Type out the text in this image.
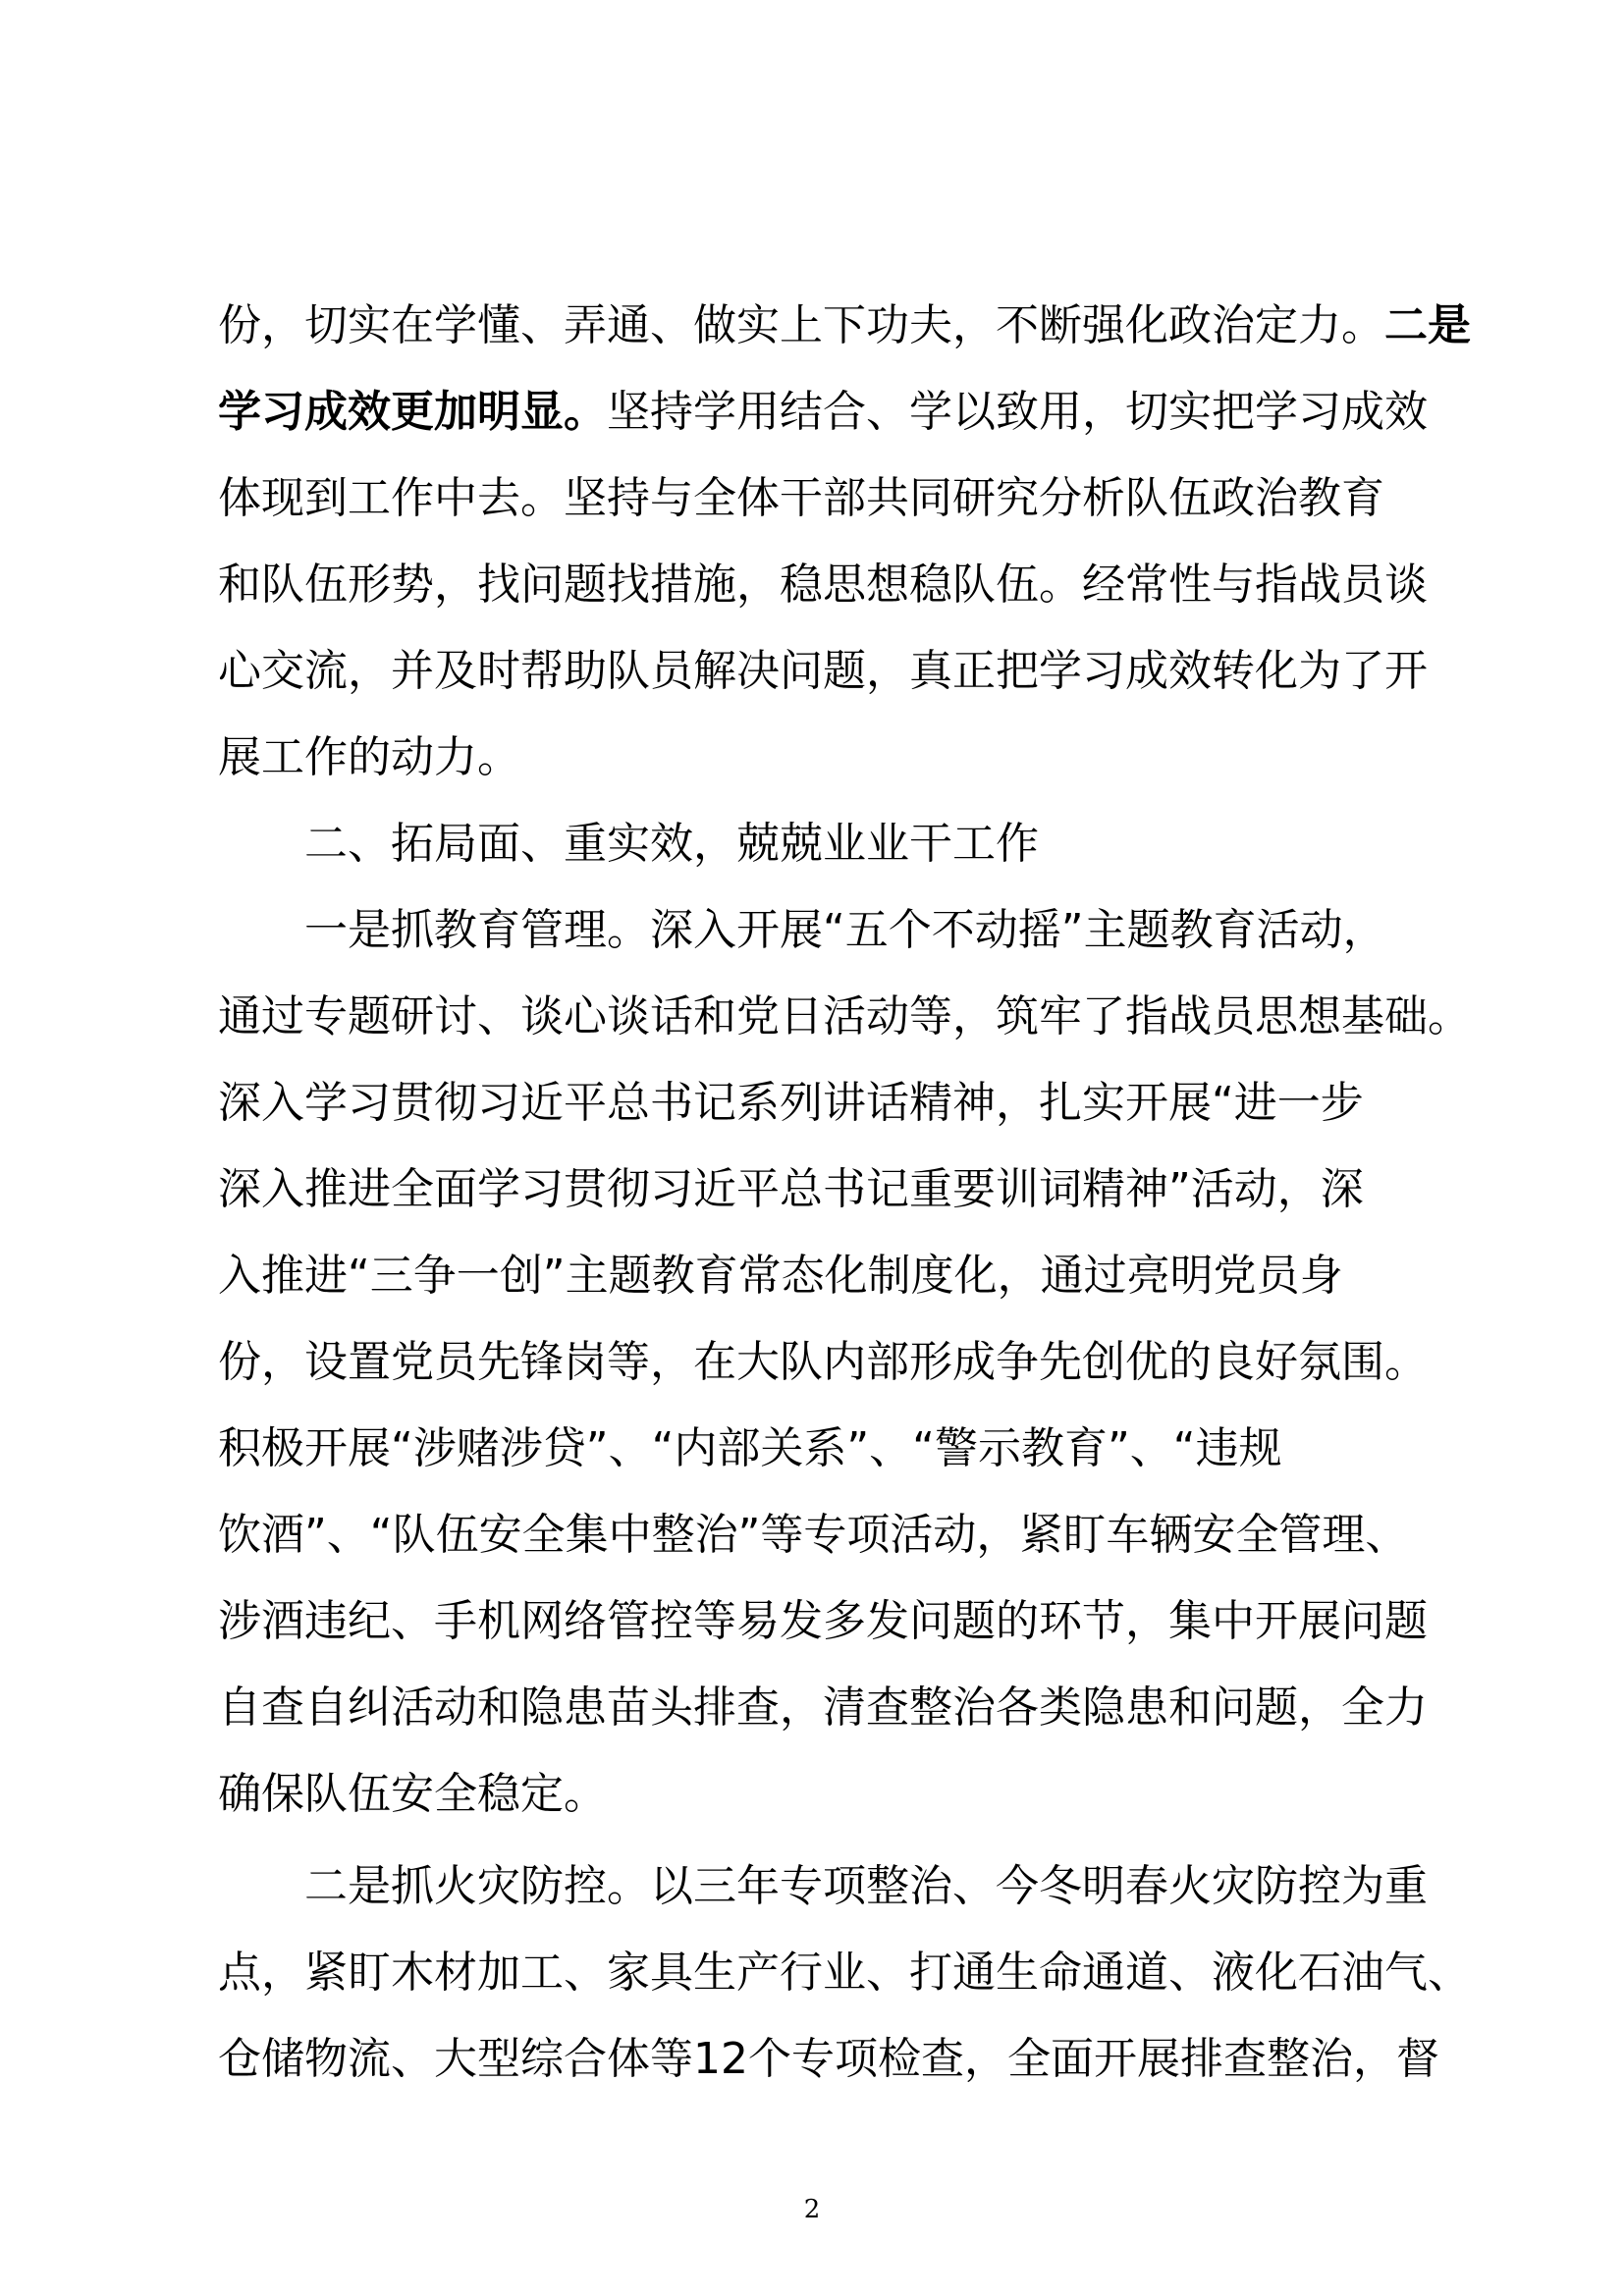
份，切实在学懂、弄通、做实上下功夫，不断强化政治定力。二是
学习成效更加明显。坚持学用结合、学以致用，切实把学习成效
体现到工作中去。坚持与全体干部共同研究分析队伍政治教育
和队伍形势，找问题找措施，稳思想稳队伍。经常性与指战员谈
心交流，并及时帮助队员解决问题，真正把学习成效转化为了开
展工作的动力。
二、拓局面、重实效，兢兢业业干工作
一是抓教育管理。深入开展“五个不动摇”主题教育活动，
通过专题研讨、谈心谈话和党日活动等，筑牢了指战员思想基础。
深入学习贯彻习近平总书记系列讲话精神，扎实开展“进一步
深入推进全面学习贯彻习近平总书记重要训词精神”活动，深
入推进“三争一创”主题教育常态化制度化，通过亮明党员身
份，设置党员先锋岗等，在大队内部形成争先创优的良好氛围。
积极开展“涉赌涉贷”、“内部关系”、“警示教育”、“违规
饮酒”、“队伍安全集中整治”等专项活动，紧盯车辆安全管理、
涉酒违纪、手机网络管控等易发多发问题的环节，集中开展问题
自查自纠活动和隐患苗头排查，清查整治各类隐患和问题，全力
确保队伍安全稳定。
二是抓火灾防控。以三年专项整治、今冬明春火灾防控为重
点，紧盯木材加工、家具生产行业、打通生命通道、液化石油气、
仓储物流、大型综合体等12个专项检查，全面开展排查整治，督
2
